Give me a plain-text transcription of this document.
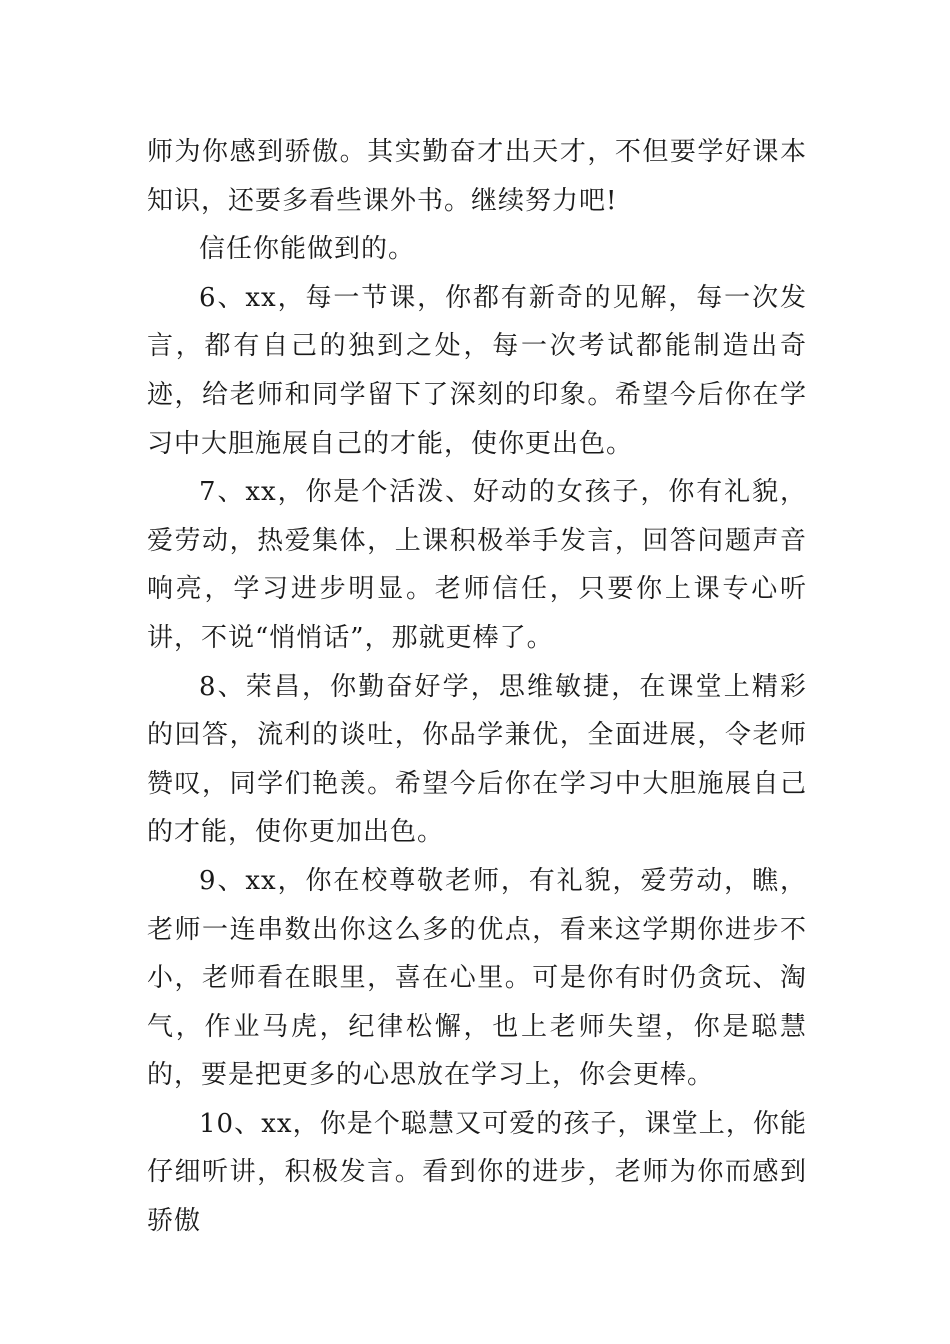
师为你感到骄傲。其实勤奋才出天才，不但要学好课本知识，还要多看些课外书。继续努力吧!

信任你能做到的。

6、xx，每一节课，你都有新奇的见解，每一次发言，都有自己的独到之处，每一次考试都能制造出奇迹，给老师和同学留下了深刻的印象。希望今后你在学习中大胆施展自己的才能，使你更出色。

7、xx，你是个活泼、好动的女孩子，你有礼貌，爱劳动，热爱集体，上课积极举手发言，回答问题声音响亮，学习进步明显。老师信任，只要你上课专心听讲，不说“悄悄话”，那就更棒了。

8、荣昌，你勤奋好学，思维敏捷，在课堂上精彩的回答，流利的谈吐，你品学兼优，全面进展，令老师赞叹，同学们艳羡。希望今后你在学习中大胆施展自己的才能，使你更加出色。

9、xx，你在校尊敬老师，有礼貌，爱劳动，瞧，老师一连串数出你这么多的优点，看来这学期你进步不小，老师看在眼里，喜在心里。可是你有时仍贪玩、淘气，作业马虎，纪律松懈，也上老师失望，你是聪慧的，要是把更多的心思放在学习上，你会更棒。

10、xx，你是个聪慧又可爱的孩子，课堂上，你能仔细听讲，积极发言。看到你的进步，老师为你而感到骄傲
